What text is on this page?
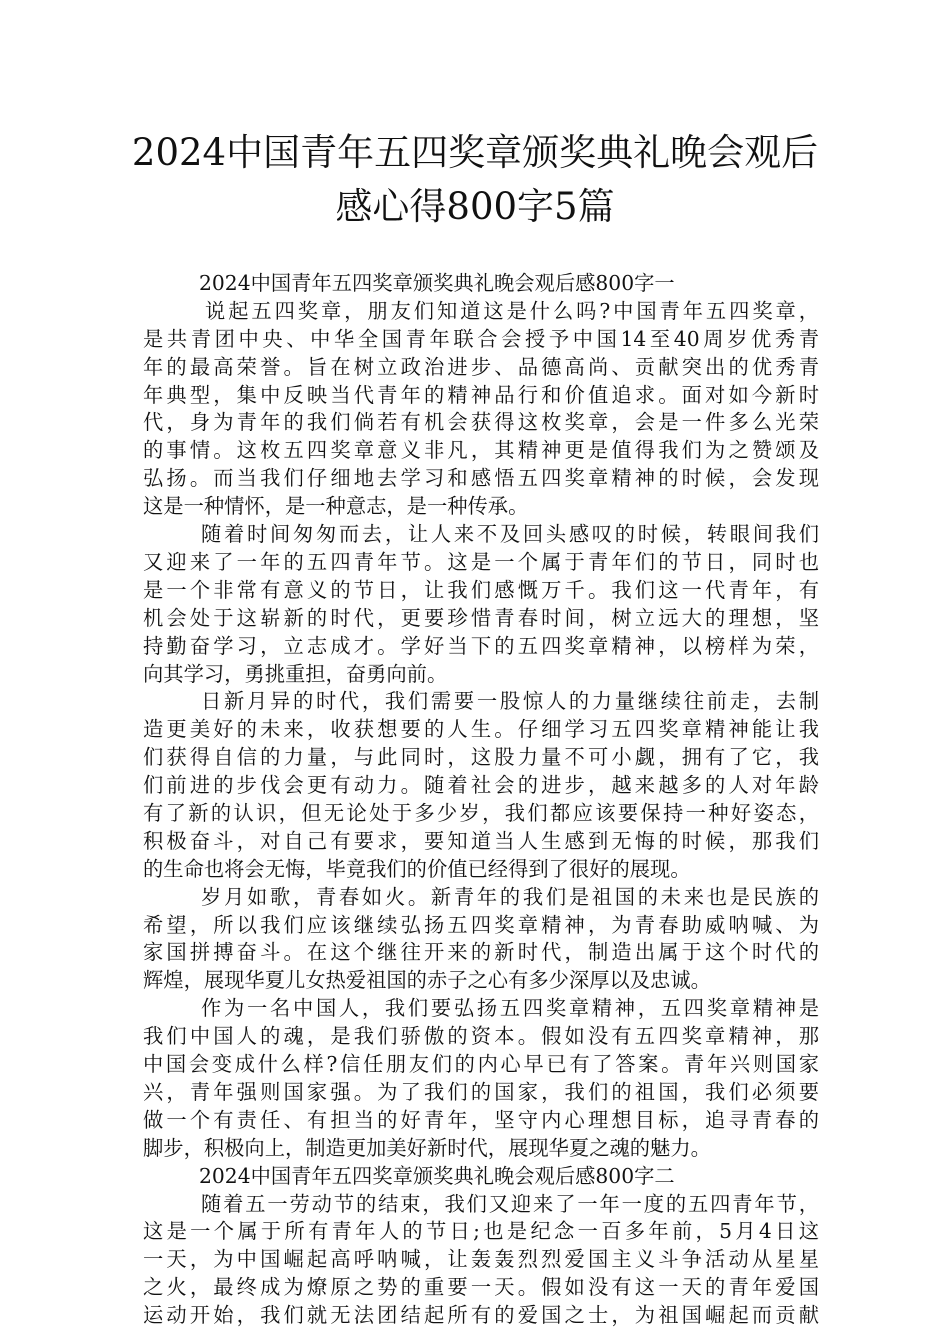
2024中国青年五四奖章颁奖典礼晚会观后
感心得800字5篇
2024中国青年五四奖章颁奖典礼晚会观后感800字一
说起五四奖章，朋友们知道这是什么吗?中国青年五四奖章，
是共青团中央、中华全国青年联合会授予中国14至40周岁优秀青
年的最高荣誉。旨在树立政治进步、品德高尚、贡献突出的优秀青
年典型，集中反映当代青年的精神品行和价值追求。面对如今新时
代，身为青年的我们倘若有机会获得这枚奖章，会是一件多么光荣
的事情。这枚五四奖章意义非凡，其精神更是值得我们为之赞颂及
弘扬。而当我们仔细地去学习和感悟五四奖章精神的时候，会发现
这是一种情怀，是一种意志，是一种传承。
随着时间匆匆而去，让人来不及回头感叹的时候，转眼间我们
又迎来了一年的五四青年节。这是一个属于青年们的节日，同时也
是一个非常有意义的节日，让我们感慨万千。我们这一代青年，有
机会处于这崭新的时代，更要珍惜青春时间，树立远大的理想，坚
持勤奋学习，立志成才。学好当下的五四奖章精神，以榜样为荣，
向其学习，勇挑重担，奋勇向前。
日新月异的时代，我们需要一股惊人的力量继续往前走，去制
造更美好的未来，收获想要的人生。仔细学习五四奖章精神能让我
们获得自信的力量，与此同时，这股力量不可小觑，拥有了它，我
们前进的步伐会更有动力。随着社会的进步，越来越多的人对年龄
有了新的认识，但无论处于多少岁，我们都应该要保持一种好姿态，
积极奋斗，对自己有要求，要知道当人生感到无悔的时候，那我们
的生命也将会无悔，毕竟我们的价值已经得到了很好的展现。
岁月如歌，青春如火。新青年的我们是祖国的未来也是民族的
希望，所以我们应该继续弘扬五四奖章精神，为青春助威呐喊、为
家国拼搏奋斗。在这个继往开来的新时代，制造出属于这个时代的
辉煌，展现华夏儿女热爱祖国的赤子之心有多少深厚以及忠诚。
作为一名中国人，我们要弘扬五四奖章精神，五四奖章精神是
我们中国人的魂，是我们骄傲的资本。假如没有五四奖章精神，那
中国会变成什么样?信任朋友们的内心早已有了答案。青年兴则国家
兴，青年强则国家强。为了我们的国家，我们的祖国，我们必须要
做一个有责任、有担当的好青年，坚守内心理想目标，追寻青春的
脚步，积极向上，制造更加美好新时代，展现华夏之魂的魅力。
2024中国青年五四奖章颁奖典礼晚会观后感800字二
随着五一劳动节的结束，我们又迎来了一年一度的五四青年节，
这是一个属于所有青年人的节日;也是纪念一百多年前，5月4日这
一天，为中国崛起高呼呐喊，让轰轰烈烈爱国主义斗争活动从星星
之火，最终成为燎原之势的重要一天。假如没有这一天的青年爱国
运动开始，我们就无法团结起所有的爱国之士，为祖国崛起而贡献
